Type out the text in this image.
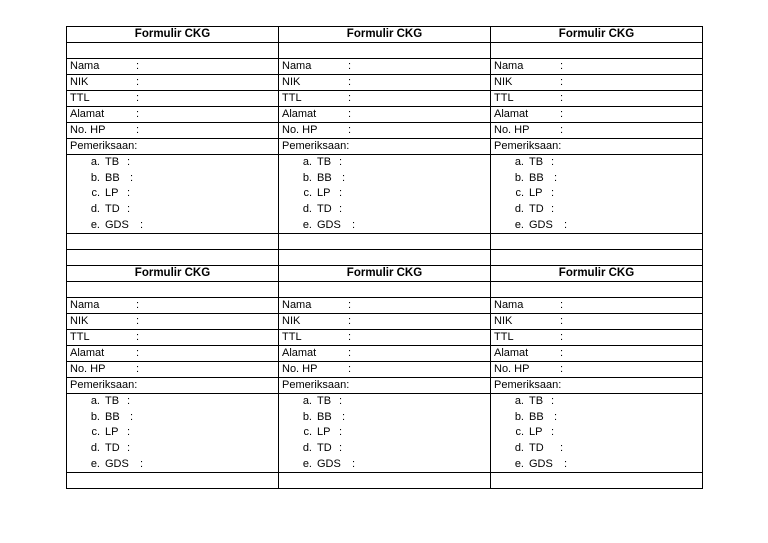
Formulir CKG	Formulir CKG	Formulir CKG

Nama :	Nama :	Nama :
NIK :	NIK :	NIK :
TTL :	TTL :	TTL :
Alamat :	Alamat :	Alamat :
No. HP :	No. HP :	No. HP :
Pemeriksaan:	Pemeriksaan:	Pemeriksaan:
a. TB :	a. TB :	a. TB :
b. BB :	b. BB :	b. BB :
c. LP :	c. LP :	c. LP :
d. TD :	d. TD :	d. TD :
e. GDS :	e. GDS :	e. GDS :

Formulir CKG	Formulir CKG	Formulir CKG

Nama :	Nama :	Nama :
NIK :	NIK :	NIK :
TTL :	TTL :	TTL :
Alamat :	Alamat :	Alamat :
No. HP :	No. HP :	No. HP :
Pemeriksaan:	Pemeriksaan:	Pemeriksaan:
a. TB :	a. TB :	a. TB :
b. BB :	b. BB :	b. BB :
c. LP :	c. LP :	c. LP :
d. TD :	d. TD :	d. TD :
e. GDS :	e. GDS :	e. GDS :
